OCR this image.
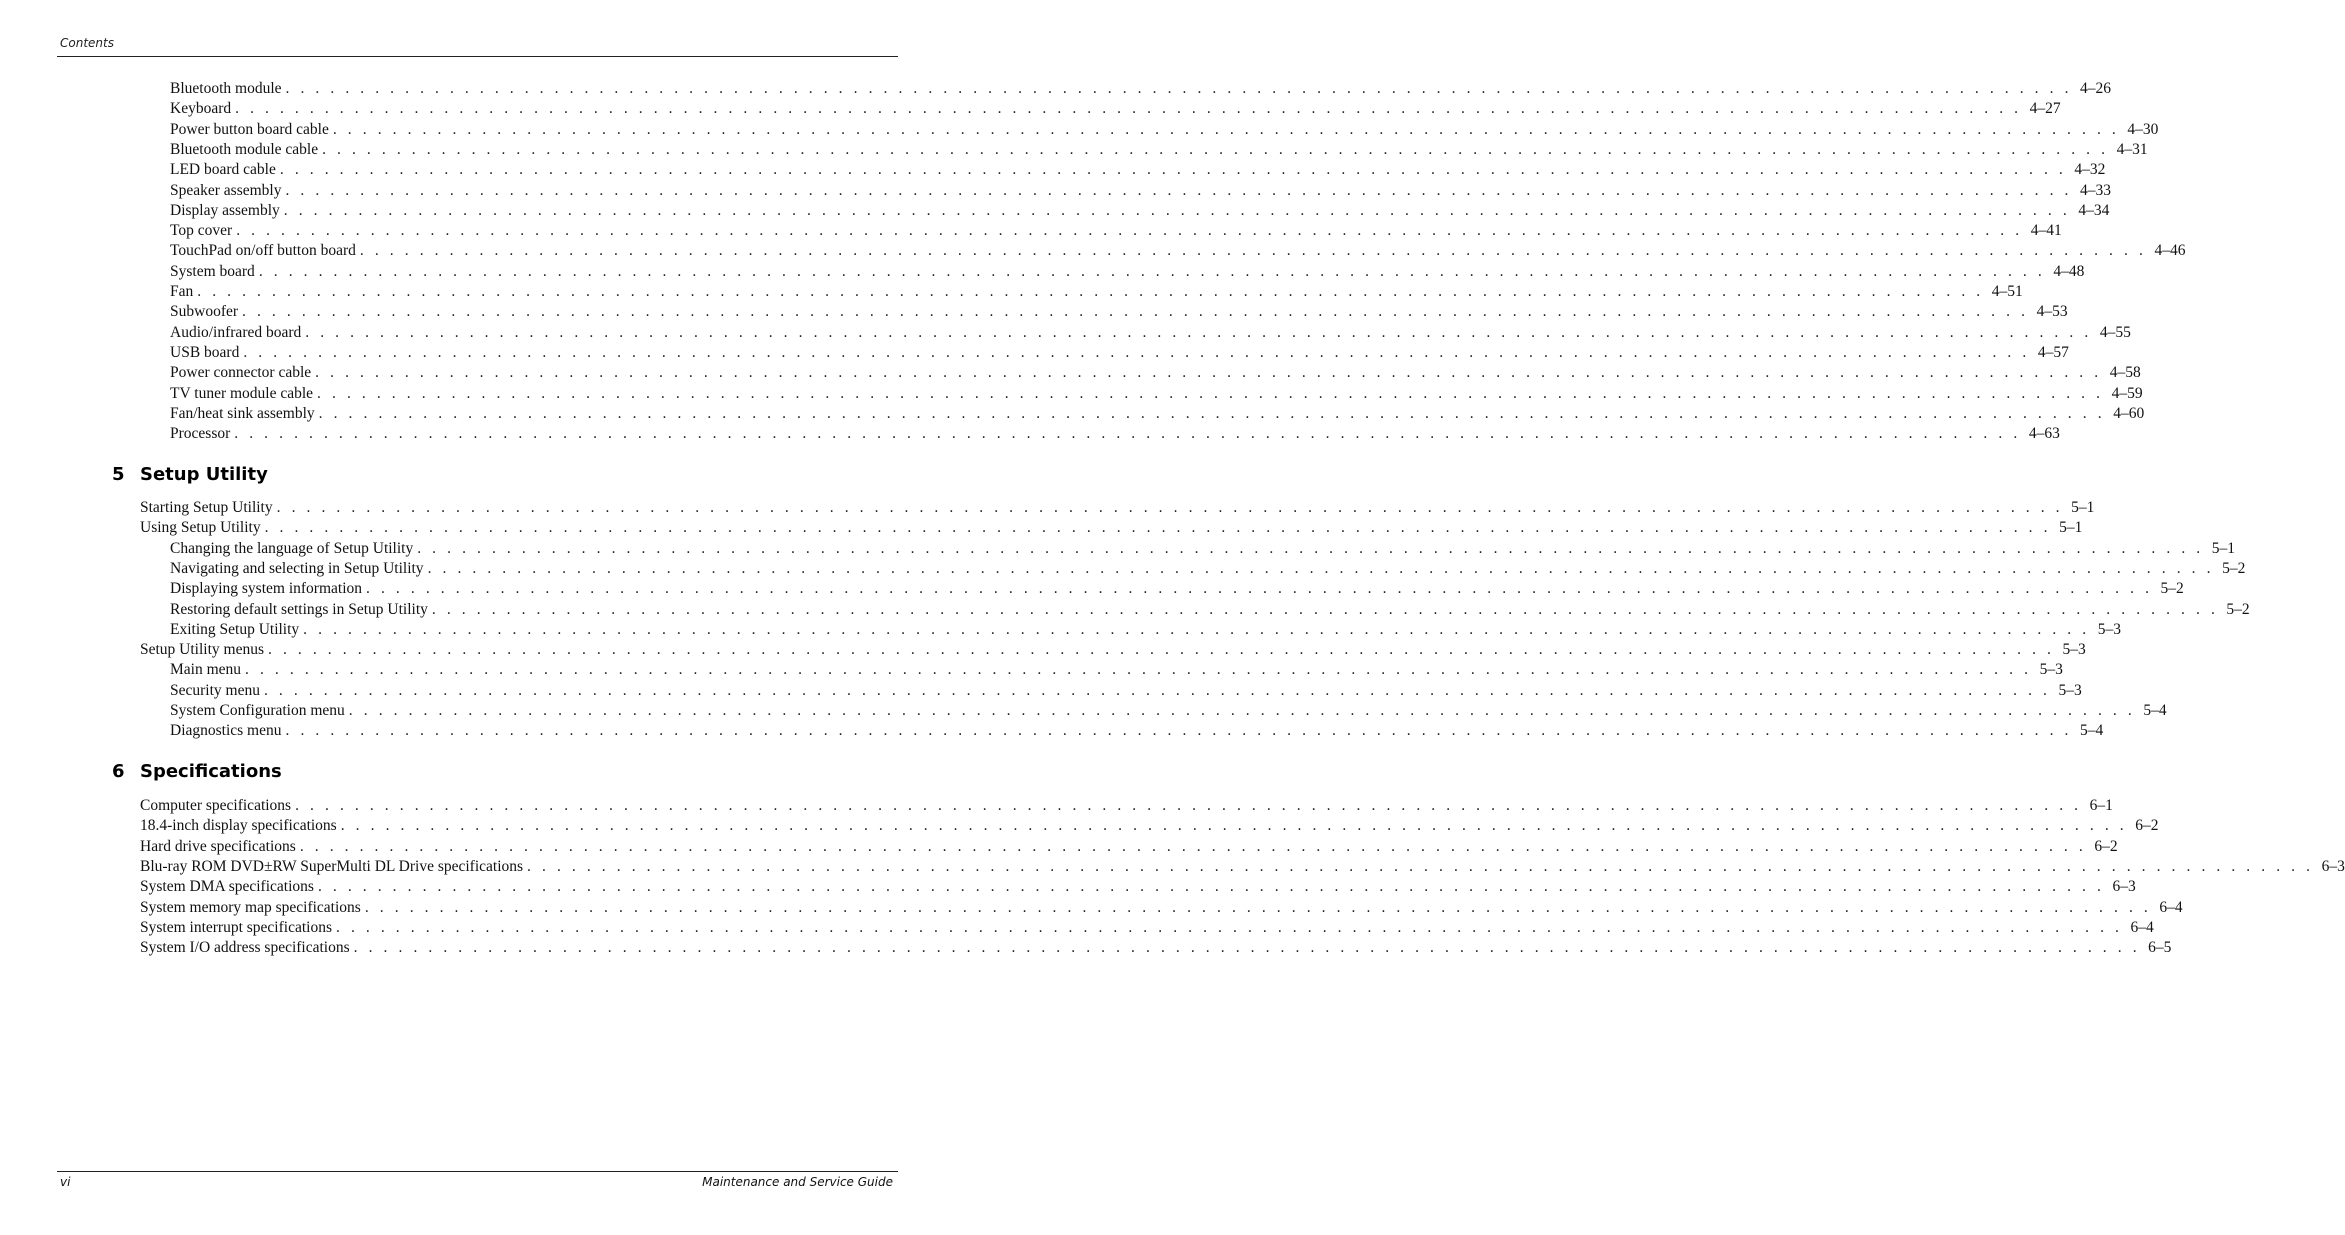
Contents
Bluetooth module . . . . . . . . . . . . . . . . . . . . . . . . . . . . . . . . . . . . . . . . . . . . . . . . . . . . . . . . . . . . . . . . . . . . . . . . . . . . . . . . . . . . . . . . . . . . . . . . . . . . . . . . . . . . . . . . . . . . . . . . 4–26
Keyboard . . . . . . . . . . . . . . . . . . . . . . . . . . . . . . . . . . . . . . . . . . . . . . . . . . . . . . . . . . . . . . . . . . . . . . . . . . . . . . . . . . . . . . . . . . . . . . . . . . . . . . . . . . . . . . . . . . . . . . . . 4–27
Power button board cable . . . . . . . . . . . . . . . . . . . . . . . . . . . . . . . . . . . . . . . . . . . . . . . . . . . . . . . . . . . . . . . . . . . . . . . . . . . . . . . . . . . . . . . . . . . . . . . . . . . . . . . . . . . . . . . . . . . . . . . . 4–30
Bluetooth module cable . . . . . . . . . . . . . . . . . . . . . . . . . . . . . . . . . . . . . . . . . . . . . . . . . . . . . . . . . . . . . . . . . . . . . . . . . . . . . . . . . . . . . . . . . . . . . . . . . . . . . . . . . . . . . . . . . . . . . . . . 4–31
LED board cable . . . . . . . . . . . . . . . . . . . . . . . . . . . . . . . . . . . . . . . . . . . . . . . . . . . . . . . . . . . . . . . . . . . . . . . . . . . . . . . . . . . . . . . . . . . . . . . . . . . . . . . . . . . . . . . . . . . . . . . . 4–32
Speaker assembly . . . . . . . . . . . . . . . . . . . . . . . . . . . . . . . . . . . . . . . . . . . . . . . . . . . . . . . . . . . . . . . . . . . . . . . . . . . . . . . . . . . . . . . . . . . . . . . . . . . . . . . . . . . . . . . . . . . . . . . . 4–33
Display assembly . . . . . . . . . . . . . . . . . . . . . . . . . . . . . . . . . . . . . . . . . . . . . . . . . . . . . . . . . . . . . . . . . . . . . . . . . . . . . . . . . . . . . . . . . . . . . . . . . . . . . . . . . . . . . . . . . . . . . . . . 4–34
Top cover . . . . . . . . . . . . . . . . . . . . . . . . . . . . . . . . . . . . . . . . . . . . . . . . . . . . . . . . . . . . . . . . . . . . . . . . . . . . . . . . . . . . . . . . . . . . . . . . . . . . . . . . . . . . . . . . . . . . . . . . 4–41
TouchPad on/off button board . . . . . . . . . . . . . . . . . . . . . . . . . . . . . . . . . . . . . . . . . . . . . . . . . . . . . . . . . . . . . . . . . . . . . . . . . . . . . . . . . . . . . . . . . . . . . . . . . . . . . . . . . . . . . . . . . . . . . . . . 4–46
System board . . . . . . . . . . . . . . . . . . . . . . . . . . . . . . . . . . . . . . . . . . . . . . . . . . . . . . . . . . . . . . . . . . . . . . . . . . . . . . . . . . . . . . . . . . . . . . . . . . . . . . . . . . . . . . . . . . . . . . . . 4–48
Fan . . . . . . . . . . . . . . . . . . . . . . . . . . . . . . . . . . . . . . . . . . . . . . . . . . . . . . . . . . . . . . . . . . . . . . . . . . . . . . . . . . . . . . . . . . . . . . . . . . . . . . . . . . . . . . . . . . . . . . . . 4–51
Subwoofer . . . . . . . . . . . . . . . . . . . . . . . . . . . . . . . . . . . . . . . . . . . . . . . . . . . . . . . . . . . . . . . . . . . . . . . . . . . . . . . . . . . . . . . . . . . . . . . . . . . . . . . . . . . . . . . . . . . . . . . . 4–53
Audio/infrared board . . . . . . . . . . . . . . . . . . . . . . . . . . . . . . . . . . . . . . . . . . . . . . . . . . . . . . . . . . . . . . . . . . . . . . . . . . . . . . . . . . . . . . . . . . . . . . . . . . . . . . . . . . . . . . . . . . . . . . . . 4–55
USB board . . . . . . . . . . . . . . . . . . . . . . . . . . . . . . . . . . . . . . . . . . . . . . . . . . . . . . . . . . . . . . . . . . . . . . . . . . . . . . . . . . . . . . . . . . . . . . . . . . . . . . . . . . . . . . . . . . . . . . . . 4–57
Power connector cable . . . . . . . . . . . . . . . . . . . . . . . . . . . . . . . . . . . . . . . . . . . . . . . . . . . . . . . . . . . . . . . . . . . . . . . . . . . . . . . . . . . . . . . . . . . . . . . . . . . . . . . . . . . . . . . . . . . . . . . . 4–58
TV tuner module cable . . . . . . . . . . . . . . . . . . . . . . . . . . . . . . . . . . . . . . . . . . . . . . . . . . . . . . . . . . . . . . . . . . . . . . . . . . . . . . . . . . . . . . . . . . . . . . . . . . . . . . . . . . . . . . . . . . . . . . . . 4–59
Fan/heat sink assembly . . . . . . . . . . . . . . . . . . . . . . . . . . . . . . . . . . . . . . . . . . . . . . . . . . . . . . . . . . . . . . . . . . . . . . . . . . . . . . . . . . . . . . . . . . . . . . . . . . . . . . . . . . . . . . . . . . . . . . . . 4–60
Processor . . . . . . . . . . . . . . . . . . . . . . . . . . . . . . . . . . . . . . . . . . . . . . . . . . . . . . . . . . . . . . . . . . . . . . . . . . . . . . . . . . . . . . . . . . . . . . . . . . . . . . . . . . . . . . . . . . . . . . . . 4–63
5 Setup Utility
Starting Setup Utility . . . . . . . . . . . . . . . . . . . . . . . . . . . . . . . . . . . . . . . . . . . . . . . . . . . . . . . . . . . . . . . . . . . . . . . . . . . . . . . . . . . . . . . . . . . . . . . . . . . . . . . . . . . . . . . . . . . . . . . . 5–1
Using Setup Utility . . . . . . . . . . . . . . . . . . . . . . . . . . . . . . . . . . . . . . . . . . . . . . . . . . . . . . . . . . . . . . . . . . . . . . . . . . . . . . . . . . . . . . . . . . . . . . . . . . . . . . . . . . . . . . . . . . . . . . . . 5–1
Changing the language of Setup Utility . . . . . . . . . . . . . . . . . . . . . . . . . . . . . . . . . . . . . . . . . . . . . . . . . . . . . . . . . . . . . . . . . . . . . . . . . . . . . . . . . . . . . . . . . . . . . . . . . . . . . . . . . . . . . . . . . . . . . . . . 5–1
Navigating and selecting in Setup Utility . . . . . . . . . . . . . . . . . . . . . . . . . . . . . . . . . . . . . . . . . . . . . . . . . . . . . . . . . . . . . . . . . . . . . . . . . . . . . . . . . . . . . . . . . . . . . . . . . . . . . . . . . . . . . . . . . . . . . . . . 5–2
Displaying system information . . . . . . . . . . . . . . . . . . . . . . . . . . . . . . . . . . . . . . . . . . . . . . . . . . . . . . . . . . . . . . . . . . . . . . . . . . . . . . . . . . . . . . . . . . . . . . . . . . . . . . . . . . . . . . . . . . . . . . . . 5–2
Restoring default settings in Setup Utility . . . . . . . . . . . . . . . . . . . . . . . . . . . . . . . . . . . . . . . . . . . . . . . . . . . . . . . . . . . . . . . . . . . . . . . . . . . . . . . . . . . . . . . . . . . . . . . . . . . . . . . . . . . . . . . . . . . . . . . . 5–2
Exiting Setup Utility . . . . . . . . . . . . . . . . . . . . . . . . . . . . . . . . . . . . . . . . . . . . . . . . . . . . . . . . . . . . . . . . . . . . . . . . . . . . . . . . . . . . . . . . . . . . . . . . . . . . . . . . . . . . . . . . . . . . . . . . 5–3
Setup Utility menus . . . . . . . . . . . . . . . . . . . . . . . . . . . . . . . . . . . . . . . . . . . . . . . . . . . . . . . . . . . . . . . . . . . . . . . . . . . . . . . . . . . . . . . . . . . . . . . . . . . . . . . . . . . . . . . . . . . . . . . . 5–3
Main menu . . . . . . . . . . . . . . . . . . . . . . . . . . . . . . . . . . . . . . . . . . . . . . . . . . . . . . . . . . . . . . . . . . . . . . . . . . . . . . . . . . . . . . . . . . . . . . . . . . . . . . . . . . . . . . . . . . . . . . . . 5–3
Security menu . . . . . . . . . . . . . . . . . . . . . . . . . . . . . . . . . . . . . . . . . . . . . . . . . . . . . . . . . . . . . . . . . . . . . . . . . . . . . . . . . . . . . . . . . . . . . . . . . . . . . . . . . . . . . . . . . . . . . . . . 5–3
System Configuration menu . . . . . . . . . . . . . . . . . . . . . . . . . . . . . . . . . . . . . . . . . . . . . . . . . . . . . . . . . . . . . . . . . . . . . . . . . . . . . . . . . . . . . . . . . . . . . . . . . . . . . . . . . . . . . . . . . . . . . . . . 5–4
Diagnostics menu . . . . . . . . . . . . . . . . . . . . . . . . . . . . . . . . . . . . . . . . . . . . . . . . . . . . . . . . . . . . . . . . . . . . . . . . . . . . . . . . . . . . . . . . . . . . . . . . . . . . . . . . . . . . . . . . . . . . . . . . 5–4
6 Specifications
Computer specifications . . . . . . . . . . . . . . . . . . . . . . . . . . . . . . . . . . . . . . . . . . . . . . . . . . . . . . . . . . . . . . . . . . . . . . . . . . . . . . . . . . . . . . . . . . . . . . . . . . . . . . . . . . . . . . . . . . . . . . . . 6–1
18.4-inch display specifications . . . . . . . . . . . . . . . . . . . . . . . . . . . . . . . . . . . . . . . . . . . . . . . . . . . . . . . . . . . . . . . . . . . . . . . . . . . . . . . . . . . . . . . . . . . . . . . . . . . . . . . . . . . . . . . . . . . . . . . . 6–2
Hard drive specifications . . . . . . . . . . . . . . . . . . . . . . . . . . . . . . . . . . . . . . . . . . . . . . . . . . . . . . . . . . . . . . . . . . . . . . . . . . . . . . . . . . . . . . . . . . . . . . . . . . . . . . . . . . . . . . . . . . . . . . . . 6–2
Blu-ray ROM DVD±RW SuperMulti DL Drive specifications . . . . . . . . . . . . . . . . . . . . . . . . . . . . . . . . . . . . . . . . . . . . . . . . . . . . . . . . . . . . . . . . . . . . . . . . . . . . . . . . . . . . . . . . . . . . . . . . . . . . . . . . . . . . . . . . . . . . . . . . 6–3
System DMA specifications . . . . . . . . . . . . . . . . . . . . . . . . . . . . . . . . . . . . . . . . . . . . . . . . . . . . . . . . . . . . . . . . . . . . . . . . . . . . . . . . . . . . . . . . . . . . . . . . . . . . . . . . . . . . . . . . . . . . . . . . 6–3
System memory map specifications . . . . . . . . . . . . . . . . . . . . . . . . . . . . . . . . . . . . . . . . . . . . . . . . . . . . . . . . . . . . . . . . . . . . . . . . . . . . . . . . . . . . . . . . . . . . . . . . . . . . . . . . . . . . . . . . . . . . . . . . 6–4
System interrupt specifications . . . . . . . . . . . . . . . . . . . . . . . . . . . . . . . . . . . . . . . . . . . . . . . . . . . . . . . . . . . . . . . . . . . . . . . . . . . . . . . . . . . . . . . . . . . . . . . . . . . . . . . . . . . . . . . . . . . . . . . . 6–4
System I/O address specifications . . . . . . . . . . . . . . . . . . . . . . . . . . . . . . . . . . . . . . . . . . . . . . . . . . . . . . . . . . . . . . . . . . . . . . . . . . . . . . . . . . . . . . . . . . . . . . . . . . . . . . . . . . . . . . . . . . . . . . . . 6–5
vi	Maintenance and Service Guide
